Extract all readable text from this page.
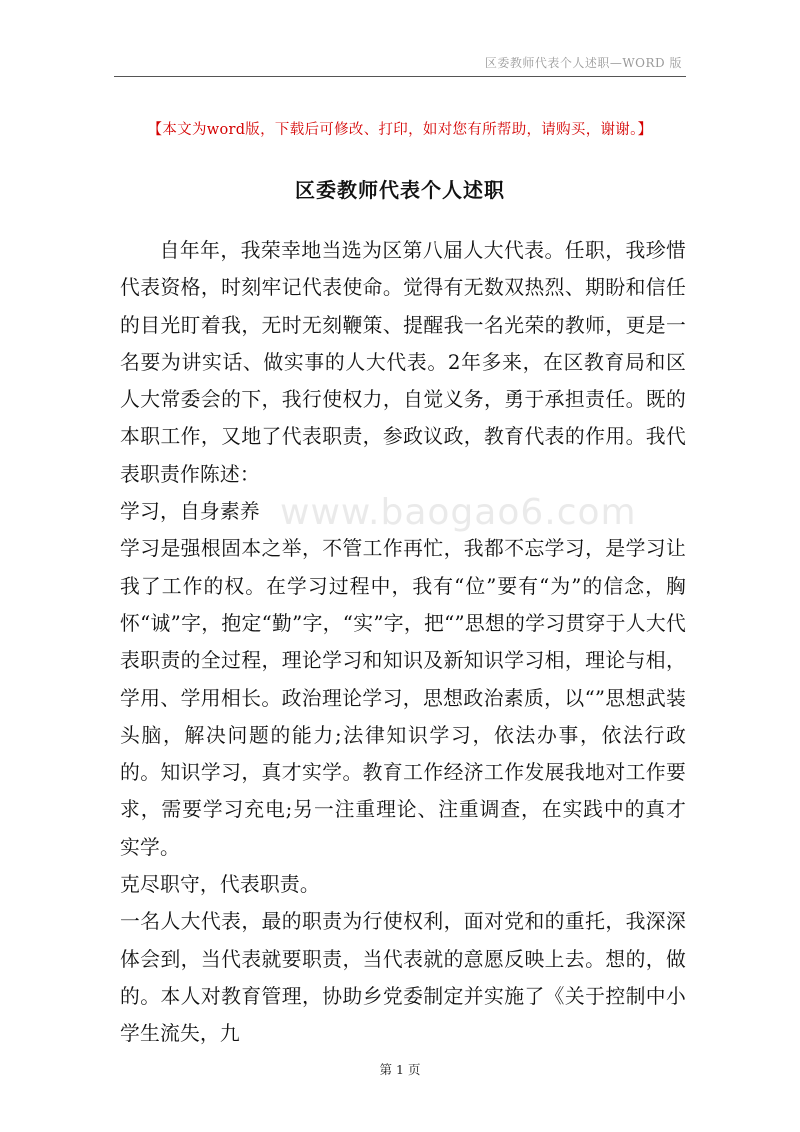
区委教师代表个人述职—WORD 版
【本文为word版，下载后可修改、打印，如对您有所帮助，请购买，谢谢。】
区委教师代表个人述职

自年年，我荣幸地当选为区第八届人大代表。任职，我珍惜代表资格，时刻牢记代表使命。觉得有无数双热烈、期盼和信任的目光盯着我，无时无刻鞭策、提醒我一名光荣的教师，更是一名要为讲实话、做实事的人大代表。2年多来，在区教育局和区人大常委会的下，我行使权力，自觉义务，勇于承担责任。既的本职工作，又地了代表职责，参政议政，教育代表的作用。我代表职责作陈述：

学习，自身素养

学习是强根固本之举，不管工作再忙，我都不忘学习，是学习让我了工作的权。在学习过程中，我有“位”要有“为”的信念，胸怀“诚”字，抱定“勤”字，“实”字，把“”思想的学习贯穿于人大代表职责的全过程，理论学习和知识及新知识学习相，理论与相，学用、学用相长。政治理论学习，思想政治素质，以“”思想武装头脑，解决问题的能力;法律知识学习，依法办事，依法行政的。知识学习，真才实学。教育工作经济工作发展我地对工作要求，需要学习充电;另一注重理论、注重调查，在实践中的真才实学。

克尽职守，代表职责。

一名人大代表，最的职责为行使权利，面对党和的重托，我深深体会到，当代表就要职责，当代表就的意愿反映上去。想的，做的。本人对教育管理，协助乡党委制定并实施了《关于控制中小学生流失，九

www.baogao6.com
第 1 页
